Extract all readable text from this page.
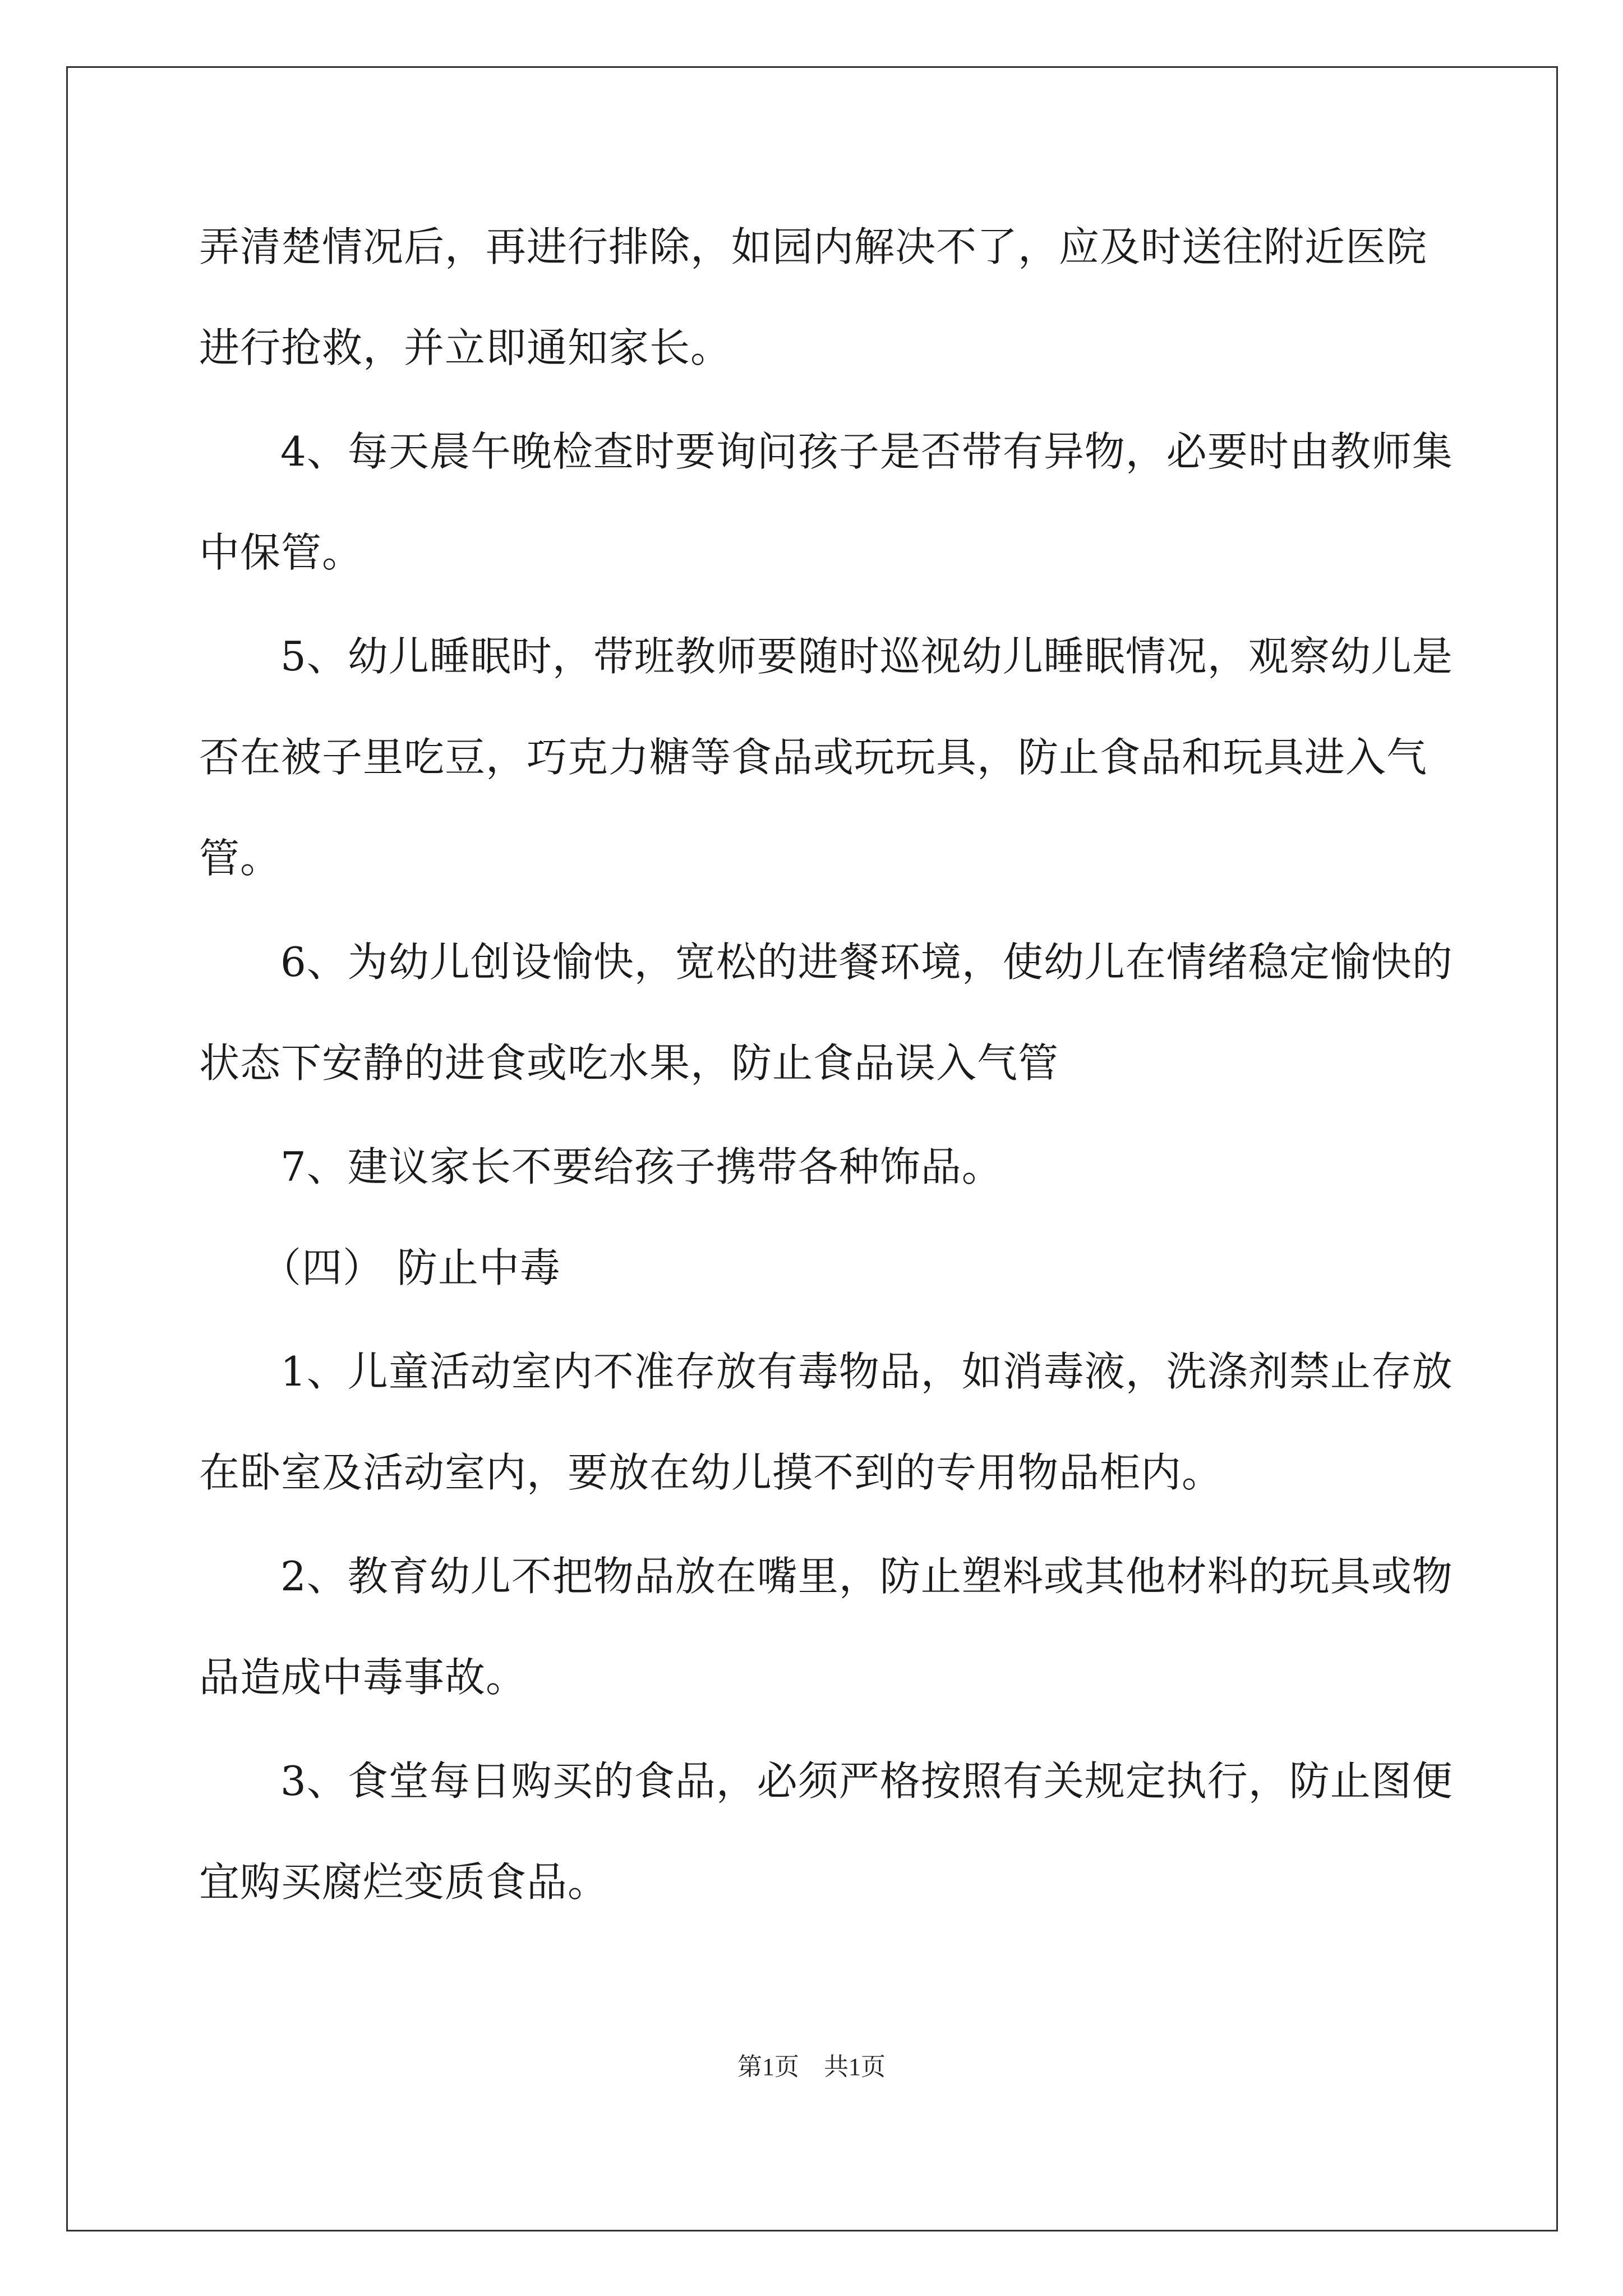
弄清楚情况后，再进行排除，如园内解决不了，应及时送往附近医院
进行抢救，并立即通知家长。
4、每天晨午晚检查时要询问孩子是否带有异物，必要时由教师集
中保管。
5、幼儿睡眠时，带班教师要随时巡视幼儿睡眠情况，观察幼儿是
否在被子里吃豆，巧克力糖等食品或玩玩具，防止食品和玩具进入气
管。
6、为幼儿创设愉快，宽松的进餐环境，使幼儿在情绪稳定愉快的
状态下安静的进食或吃水果，防止食品误入气管
7、建议家长不要给孩子携带各种饰品。
（四） 防止中毒
1、儿童活动室内不准存放有毒物品，如消毒液，洗涤剂禁止存放
在卧室及活动室内，要放在幼儿摸不到的专用物品柜内。
2、教育幼儿不把物品放在嘴里，防止塑料或其他材料的玩具或物
品造成中毒事故。
3、食堂每日购买的食品，必须严格按照有关规定执行，防止图便
宜购买腐烂变质食品。
第1页　共1页
